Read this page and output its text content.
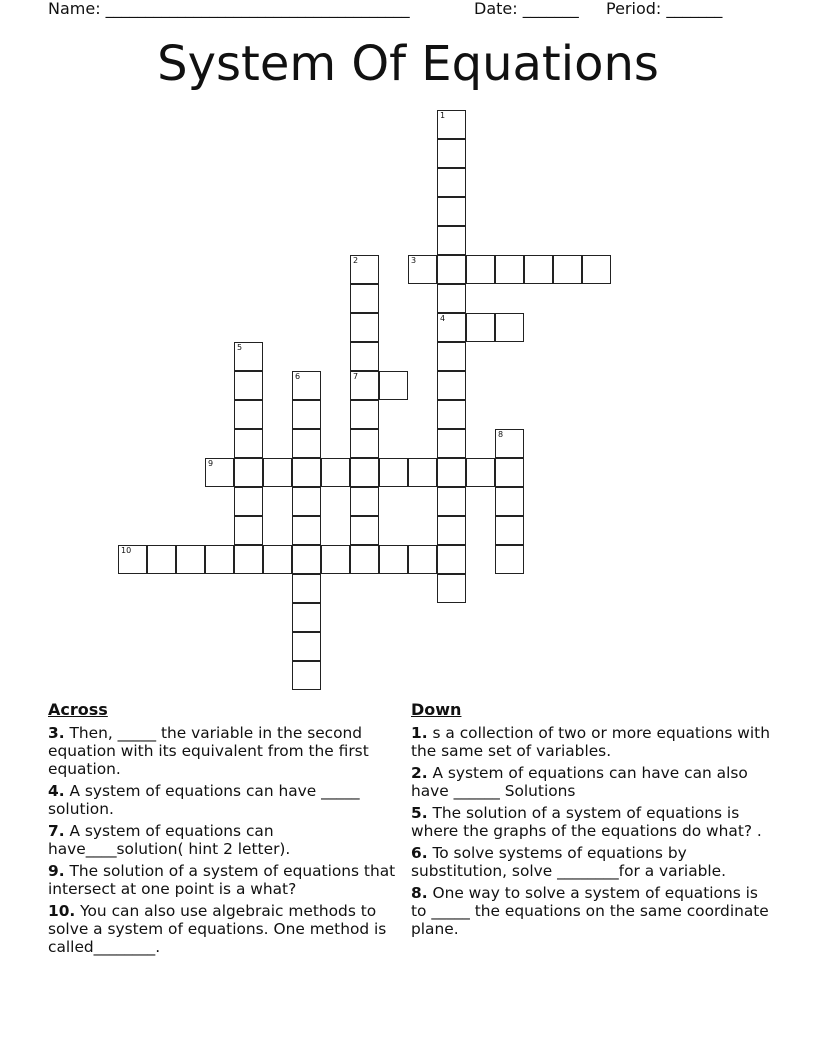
Name: ______________________________________

	Date: _______

Period: _______

System Of Equations
1
4
2
7
3
5
6
8
9
10
Across
3. Then, _____ the variable in the second equation with its equivalent from the first equation.
4. A system of equations can have _____ solution.
7. A system of equations can have____solution( hint 2 letter).
9. The solution of a system of equations that intersect at one point is a what?
10. You can also use algebraic methods to solve a system of equations. One method is called________.
Down
1. s a collection of two or more equations with the same set of variables.
2. A system of equations can have can also have ______ Solutions
5. The solution of a system of equations is where the graphs of the equations do what? .
6. To solve systems of equations by substitution, solve ________for a variable.
8. One way to solve a system of equations is to _____ the equations on the same coordinate plane.
